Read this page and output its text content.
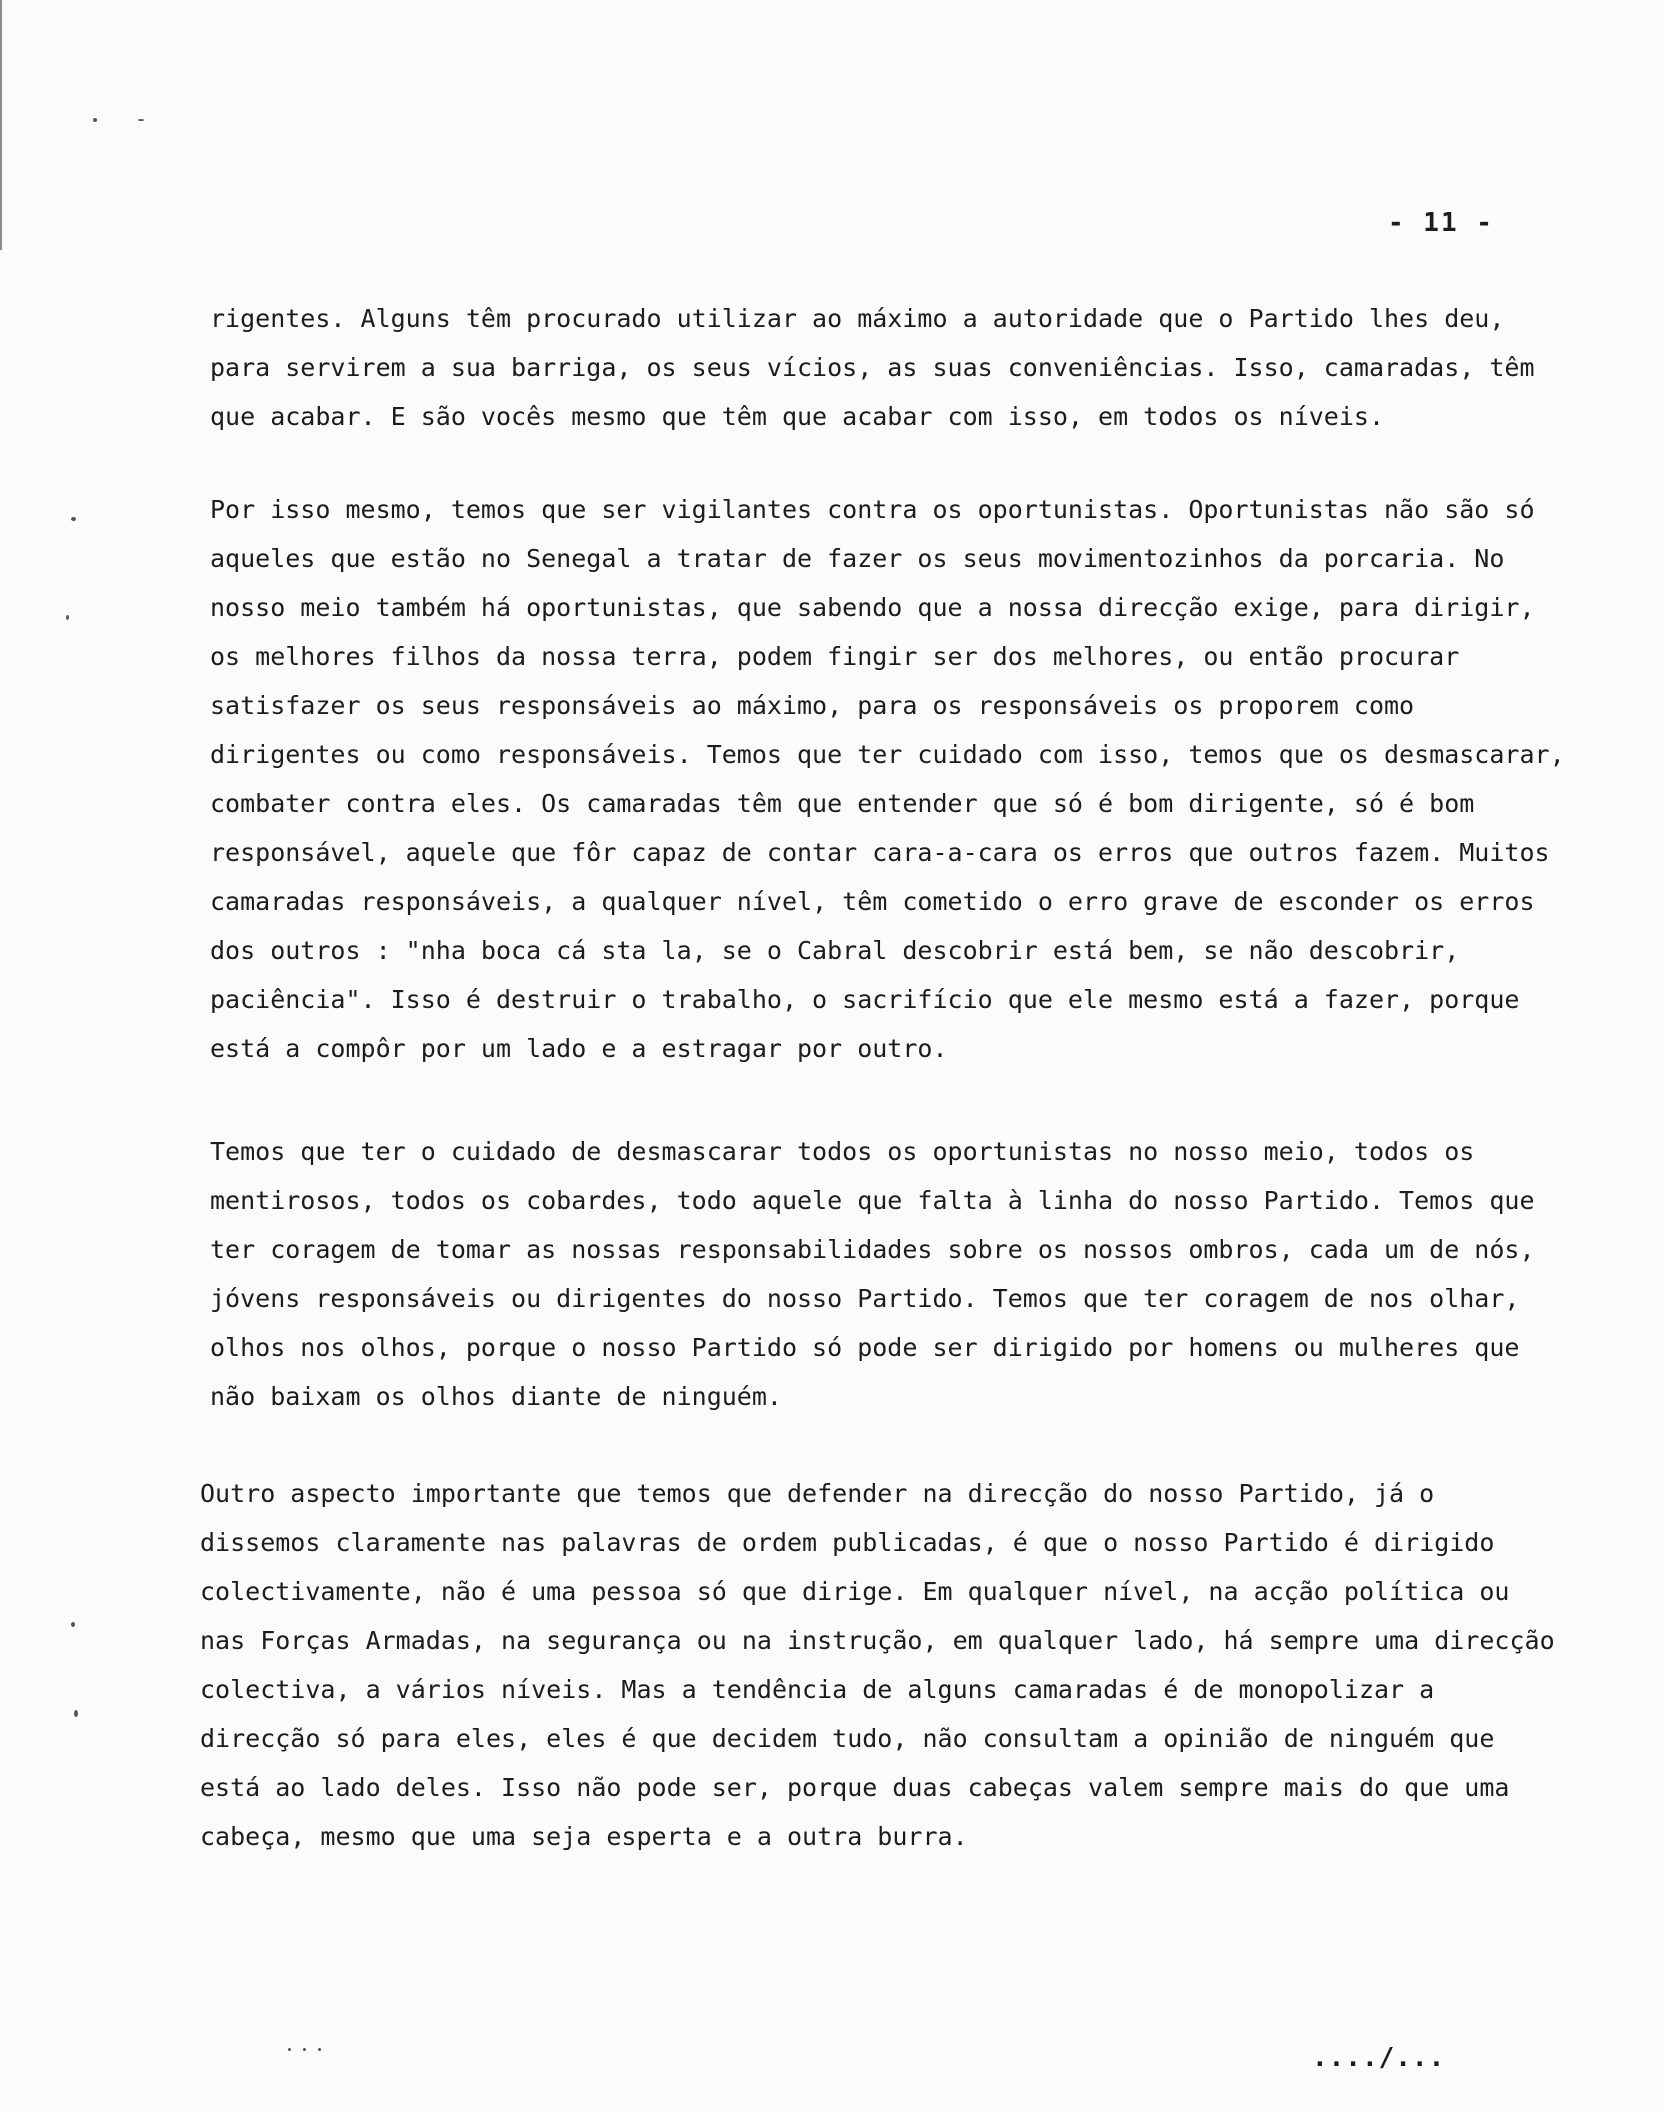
- 11 -

rigentes. Alguns têm procurado utilizar ao máximo a autoridade que o Partido lhes deu, para servirem a sua barriga, os seus vícios, as suas conveniências. Isso, camaradas, têm que acabar. E são vocês mesmo que têm que acabar com isso, em todos os níveis.

Por isso mesmo, temos que ser vigilantes contra os oportunistas. Oportunistas não são só aqueles que estão no Senegal a tratar de fazer os seus movimentozinhos da porcaria. No nosso meio também há oportunistas, que sabendo que a nossa direcção exige, para dirigir, os melhores filhos da nossa terra, podem fingir ser dos melhores, ou então procurar satisfazer os seus responsáveis ao máximo, para os responsáveis os proporem como dirigentes ou como responsáveis. Temos que ter cuidado com isso, temos que os desmascarar, combater contra eles. Os camaradas têm que entender que só é bom dirigente, só é bom responsável, aquele que fôr capaz de contar cara-a-cara os erros que outros fazem. Muitos camaradas responsáveis, a qualquer nível, têm cometido o erro grave de esconder os erros dos outros : "nha boca cá sta la, se o Cabral descobrir está bem, se não descobrir, paciência". Isso é destruir o trabalho, o sacrifício que ele mesmo está a fazer, porque está a compôr por um lado e a estragar por outro.

Temos que ter o cuidado de desmascarar todos os oportunistas no nosso meio, todos os mentirosos, todos os cobardes, todo aquele que falta à linha do nosso Partido. Temos que ter coragem de tomar as nossas responsabilidades sobre os nossos ombros, cada um de nós, jóvens responsáveis ou dirigentes do nosso Partido. Temos que ter coragem de nos olhar, olhos nos olhos, porque o nosso Partido só pode ser dirigido por homens ou mulheres que não baixam os olhos diante de ninguém.

Outro aspecto importante que temos que defender na direcção do nosso Partido, já o dissemos claramente nas palavras de ordem publicadas, é que o nosso Partido é dirigido colectivamente, não é uma pessoa só que dirige. Em qualquer nível, na acção política ou nas Forças Armadas, na segurança ou na instrução, em qualquer lado, há sempre uma direcção colectiva, a vários níveis. Mas a tendência de alguns camaradas é de monopolizar a direcção só para eles, eles é que decidem tudo, não consultam a opinião de ninguém que está ao lado deles. Isso não pode ser, porque duas cabeças valem sempre mais do que uma cabeça, mesmo que uma seja esperta e a outra burra.

..../...
